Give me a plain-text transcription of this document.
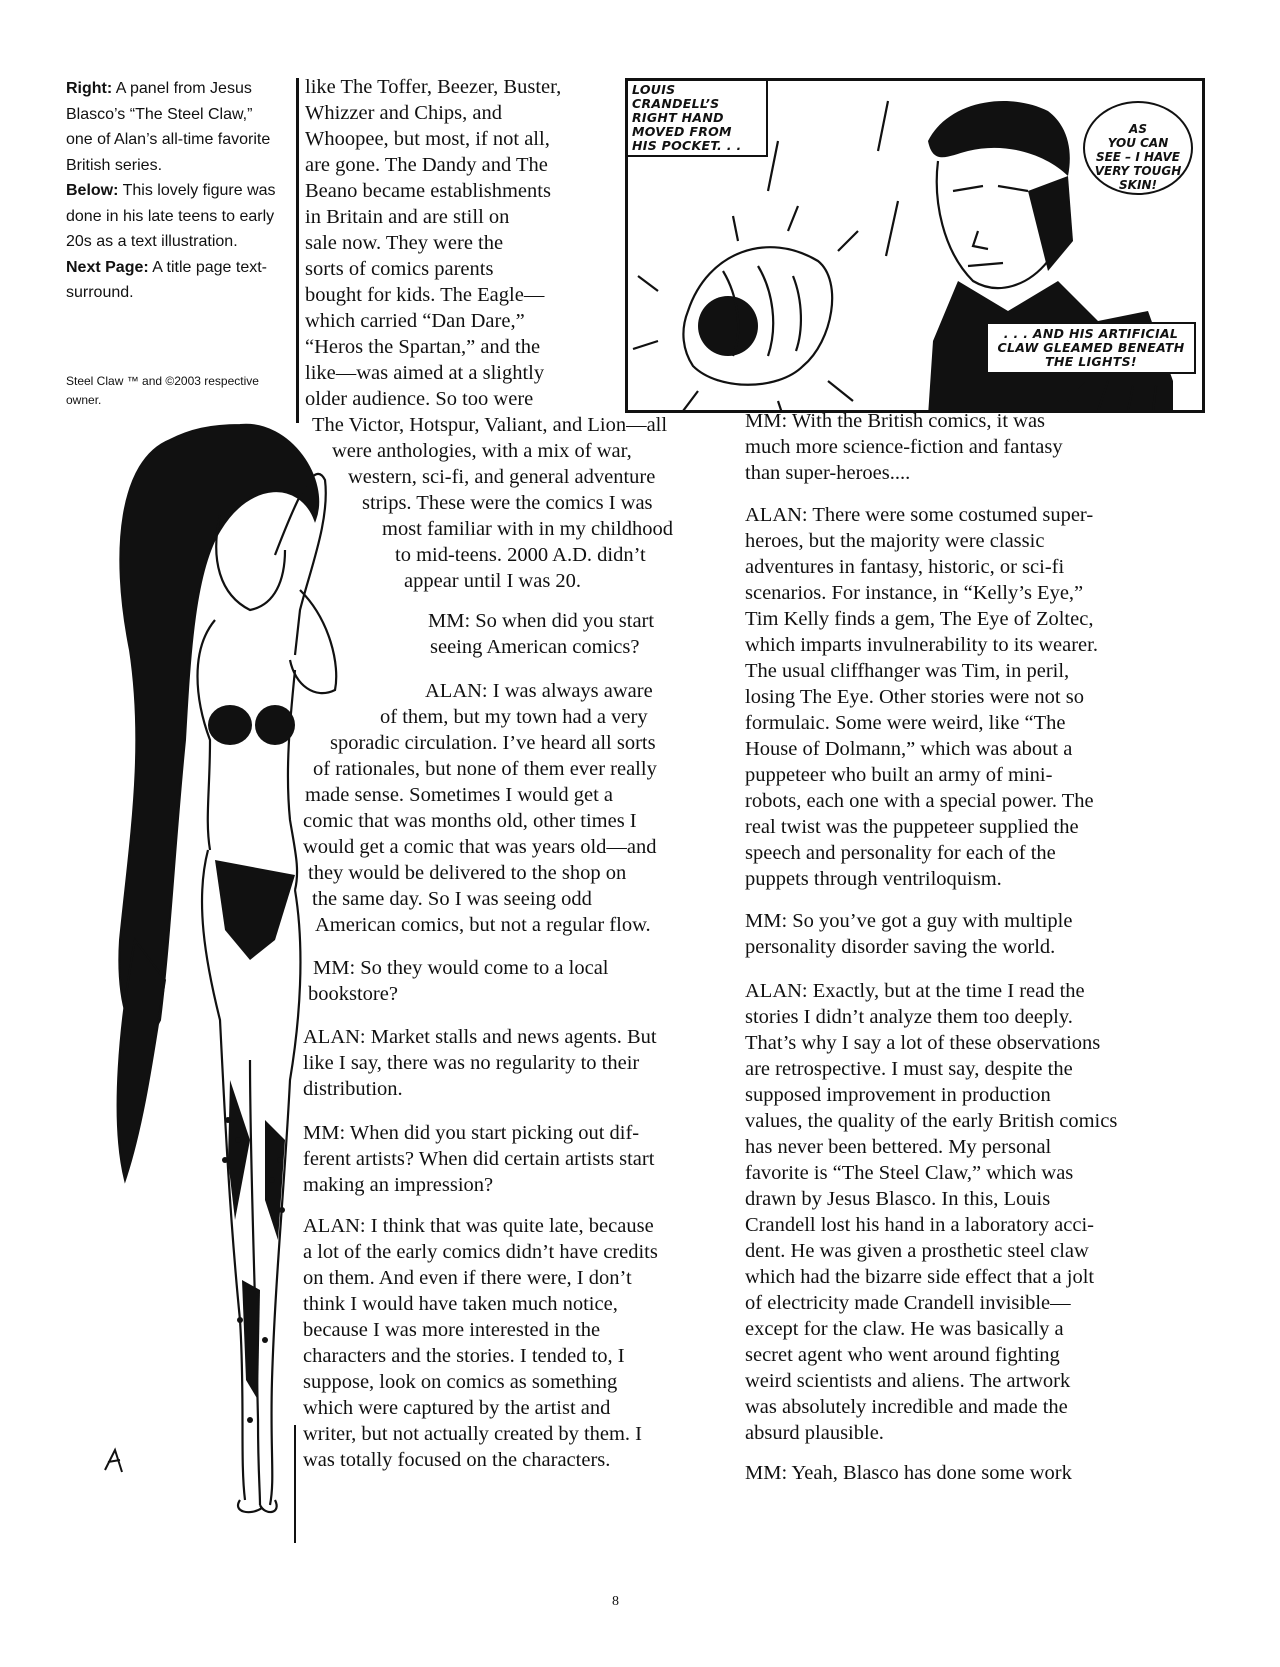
Right: A panel from Jesus Blasco’s “The Steel Claw,” one of Alan’s all-time favorite British series.
Below: This lovely figure was done in his late teens to early 20s as a text illustration.
Next Page: A title page text-surround.
Steel Claw ™ and ©2003 respective owner.
LOUIS CRANDELL’S
RIGHT HAND
MOVED FROM
HIS POCKET. . .
AS
YOU CAN
SEE – I HAVE
VERY TOUGH
SKIN!
. . . AND HIS ARTIFICIAL
CLAW GLEAMED BENEATH
THE LIGHTS!
like The Toffer, Beezer, Buster,
Whizzer and Chips, and
Whoopee, but most, if not all,
are gone. The Dandy and The
Beano became establishments
in Britain and are still on
sale now. They were the
sorts of comics parents
bought for kids. The Eagle—
which carried “Dan Dare,”
“Heros the Spartan,” and the
like—was aimed at a slightly
older audience. So too were
The Victor, Hotspur, Valiant, and Lion—all
were anthologies, with a mix of war,
western, sci-fi, and general adventure
strips. These were the comics I was
most familiar with in my childhood
to mid-teens. 2000 A.D. didn’t
appear until I was 20.
MM: So when did you start
seeing American comics?
ALAN: I was always aware
of them, but my town had a very
sporadic circulation. I’ve heard all sorts
of rationales, but none of them ever really
made sense. Sometimes I would get a
comic that was months old, other times I
would get a comic that was years old—and
they would be delivered to the shop on
the same day. So I was seeing odd
American comics, but not a regular flow.
MM: So they would come to a local
bookstore?
ALAN: Market stalls and news agents. But
like I say, there was no regularity to their
distribution.
MM: When did you start picking out dif-
ferent artists? When did certain artists start
making an impression?
ALAN: I think that was quite late, because
a lot of the early comics didn’t have credits
on them. And even if there were, I don’t
think I would have taken much notice,
because I was more interested in the
characters and the stories. I tended to, I
suppose, look on comics as something
which were captured by the artist and
writer, but not actually created by them. I
was totally focused on the characters.
MM: With the British comics, it was
much more science-fiction and fantasy
than super-heroes....
ALAN: There were some costumed super-
heroes, but the majority were classic
adventures in fantasy, historic, or sci-fi
scenarios. For instance, in “Kelly’s Eye,”
Tim Kelly finds a gem, The Eye of Zoltec,
which imparts invulnerability to its wearer.
The usual cliffhanger was Tim, in peril,
losing The Eye. Other stories were not so
formulaic. Some were weird, like “The
House of Dolmann,” which was about a
puppeteer who built an army of mini-
robots, each one with a special power. The
real twist was the puppeteer supplied the
speech and personality for each of the
puppets through ventriloquism.
MM: So you’ve got a guy with multiple
personality disorder saving the world.
ALAN: Exactly, but at the time I read the
stories I didn’t analyze them too deeply.
That’s why I say a lot of these observations
are retrospective. I must say, despite the
supposed improvement in production
values, the quality of the early British comics
has never been bettered. My personal
favorite is “The Steel Claw,” which was
drawn by Jesus Blasco. In this, Louis
Crandell lost his hand in a laboratory acci-
dent. He was given a prosthetic steel claw
which had the bizarre side effect that a jolt
of electricity made Crandell invisible—
except for the claw. He was basically a
secret agent who went around fighting
weird scientists and aliens. The artwork
was absolutely incredible and made the
absurd plausible.
MM: Yeah, Blasco has done some work
8
